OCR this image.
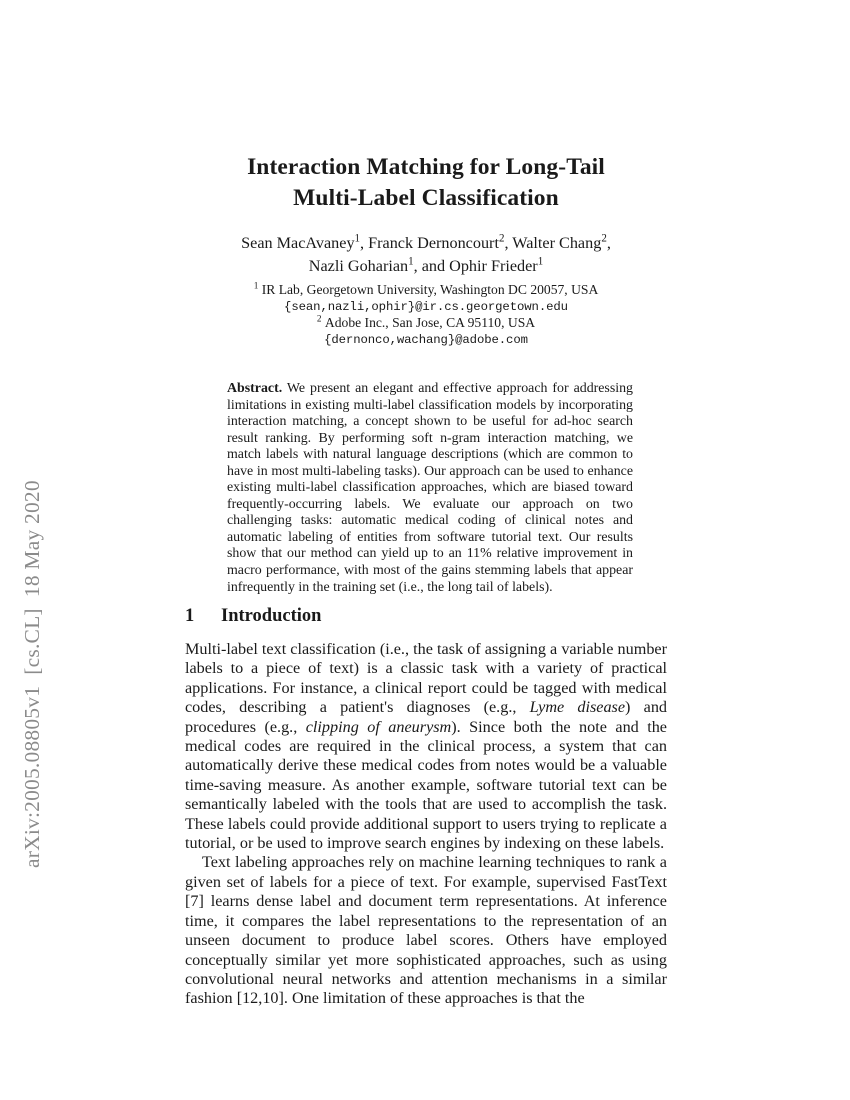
arXiv:2005.08805v1  [cs.CL]  18 May 2020
Interaction Matching for Long-Tail
Multi-Label Classification
Sean MacAvaney$^1$, Franck Dernoncourt$^2$, Walter Chang$^2$,
Nazli Goharian$^1$, and Ophir Frieder$^1$
$^1$ IR Lab, Georgetown University, Washington DC 20057, USA
{sean,nazli,ophir}@ir.cs.georgetown.edu
$^2$ Adobe Inc., San Jose, CA 95110, USA
{dernonco,wachang}@adobe.com
Abstract. We present an elegant and effective approach for addressing limitations in existing multi-label classification models by incorporating interaction matching, a concept shown to be useful for ad-hoc search result ranking. By performing soft n-gram interaction matching, we match labels with natural language descriptions (which are common to have in most multi-labeling tasks). Our approach can be used to enhance existing multi-label classification approaches, which are biased toward frequently-occurring labels. We evaluate our approach on two challenging tasks: automatic medical coding of clinical notes and automatic labeling of entities from software tutorial text. Our results show that our method can yield up to an 11% relative improvement in macro performance, with most of the gains stemming labels that appear infrequently in the training set (i.e., the long tail of labels).
1 Introduction

Multi-label text classification (i.e., the task of assigning a variable number labels to a piece of text) is a classic task with a variety of practical applications. For instance, a clinical report could be tagged with medical codes, describing a patient's diagnoses (e.g., Lyme disease) and procedures (e.g., clipping of aneurysm). Since both the note and the medical codes are required in the clinical process, a system that can automatically derive these medical codes from notes would be a valuable time-saving measure. As another example, software tutorial text can be semantically labeled with the tools that are used to accomplish the task. These labels could provide additional support to users trying to replicate a tutorial, or be used to improve search engines by indexing on these labels.

Text labeling approaches rely on machine learning techniques to rank a given set of labels for a piece of text. For example, supervised FastText [7] learns dense label and document term representations. At inference time, it compares the label representations to the representation of an unseen document to produce label scores. Others have employed conceptually similar yet more sophisticated approaches, such as using convolutional neural networks and attention mechanisms in a similar fashion [12,10]. One limitation of these approaches is that the
